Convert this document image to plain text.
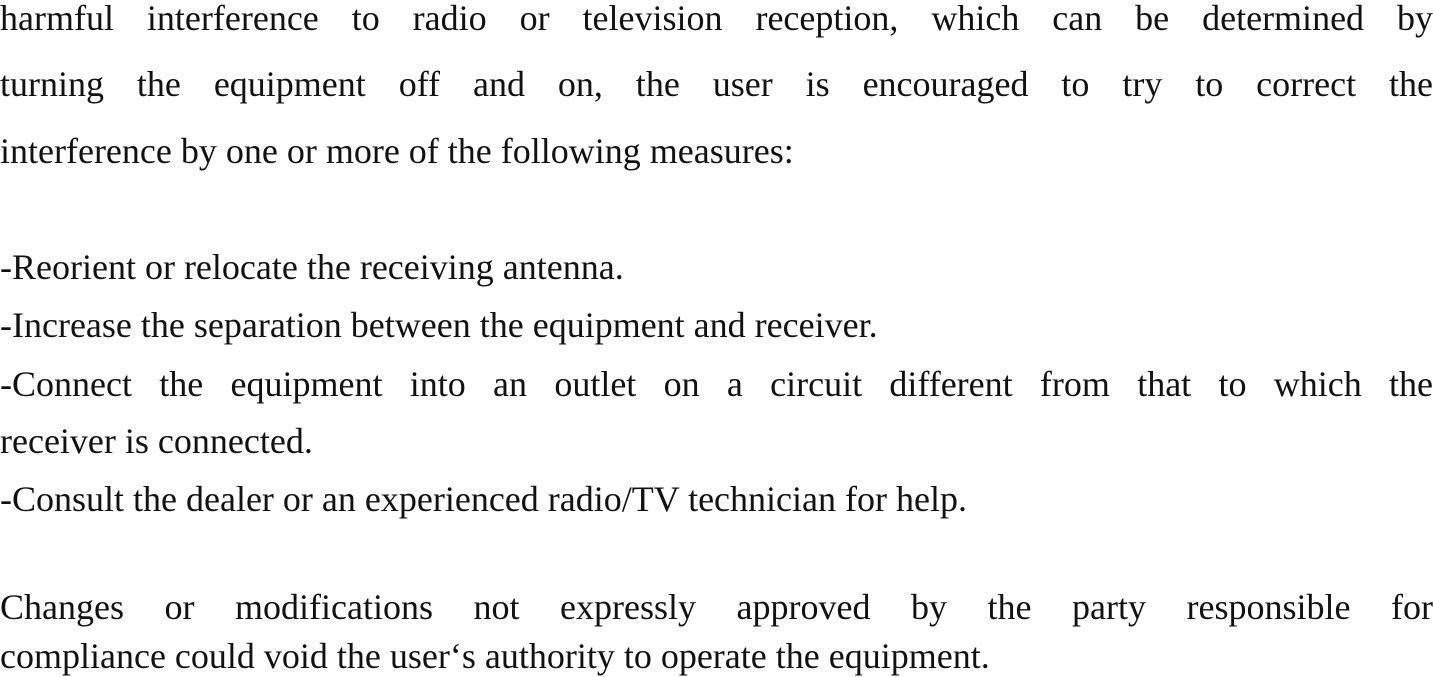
harmful interference to radio or television reception, which can be determined by
turning the equipment off and on, the user is encouraged to try to correct the
interference by one or more of the following measures:
-Reorient or relocate the receiving antenna.
-Increase the separation between the equipment and receiver.
-Connect the equipment into an outlet on a circuit different from that to which the
receiver is connected.
-Consult the dealer or an experienced radio/TV technician for help.
Changes or modifications not expressly approved by the party responsible for
compliance could void the user‘s authority to operate the equipment.
